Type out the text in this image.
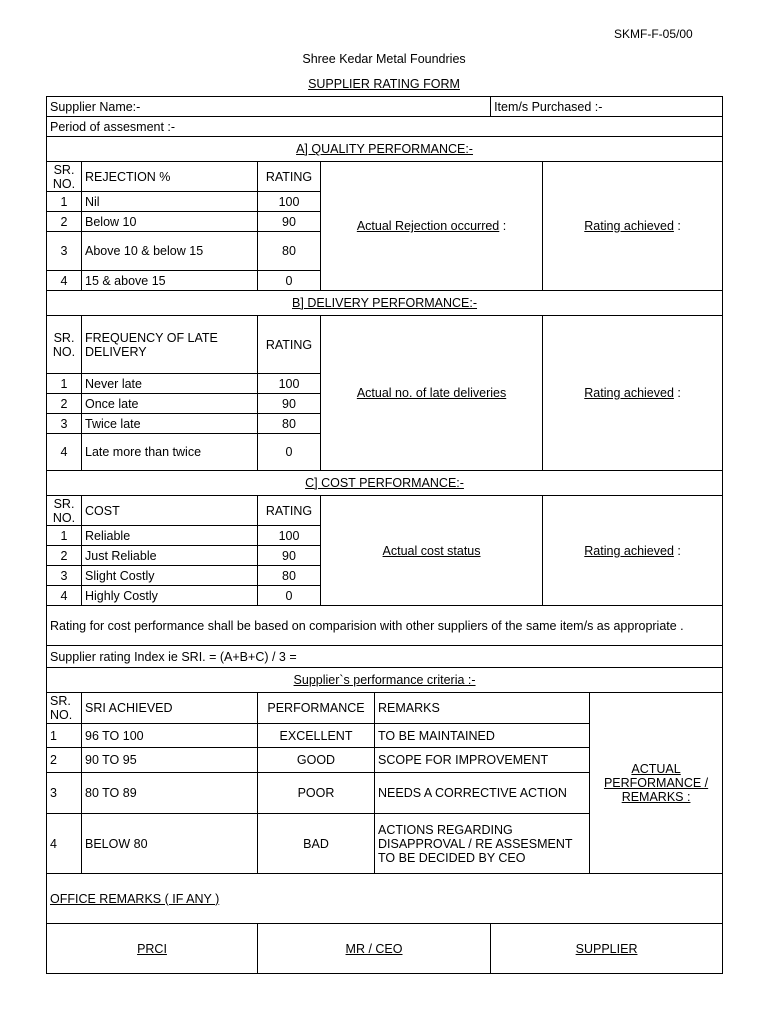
SKMF-F-05/00
Shree Kedar Metal Foundries
SUPPLIER RATING FORM
Supplier Name:-					Item/s Purchased :-		
Period of assesment :-							
A] QUALITY PERFORMANCE:-							
SR. NO.	REJECTION %	RATING	Actual Rejection occurred :			Rating achieved :	
1	Nil	100					
2	Below 10	90					
3	Above 10 & below 15	80					
4	15 & above 15	0					
B] DELIVERY PERFORMANCE:-							
SR. NO.	FREQUENCY OF LATE DELIVERY	RATING	Actual no. of late deliveries			Rating achieved :	
1	Never late	100					
2	Once late	90					
3	Twice late	80					
4	Late more than twice	0					
C] COST PERFORMANCE:-							
SR. NO.	COST	RATING	Actual cost status			Rating achieved :	
1	Reliable	100					
2	Just Reliable	90					
3	Slight Costly	80					
4	Highly Costly	0					
Rating for cost performance shall be based on comparision with other suppliers of the same item/s as appropriate .							
Supplier rating Index ie SRI. = (A+B+C) / 3 =							
Supplier`s performance criteria :-							
SR. NO.	SRI ACHIEVED	PERFORMANCE		REMARKS			ACTUAL PERFORMANCE / REMARKS :
1	96 TO 100	EXCELLENT		TO BE MAINTAINED			
2	90 TO 95	GOOD		SCOPE FOR IMPROVEMENT			
3	80 TO 89	POOR		NEEDS A CORRECTIVE ACTION			
4	BELOW 80	BAD		ACTIONS REGARDING DISAPPROVAL / RE ASSESMENT TO BE DECIDED BY CEO			
OFFICE REMARKS ( IF ANY )							
PRCI		MR / CEO			SUPPLIER		
